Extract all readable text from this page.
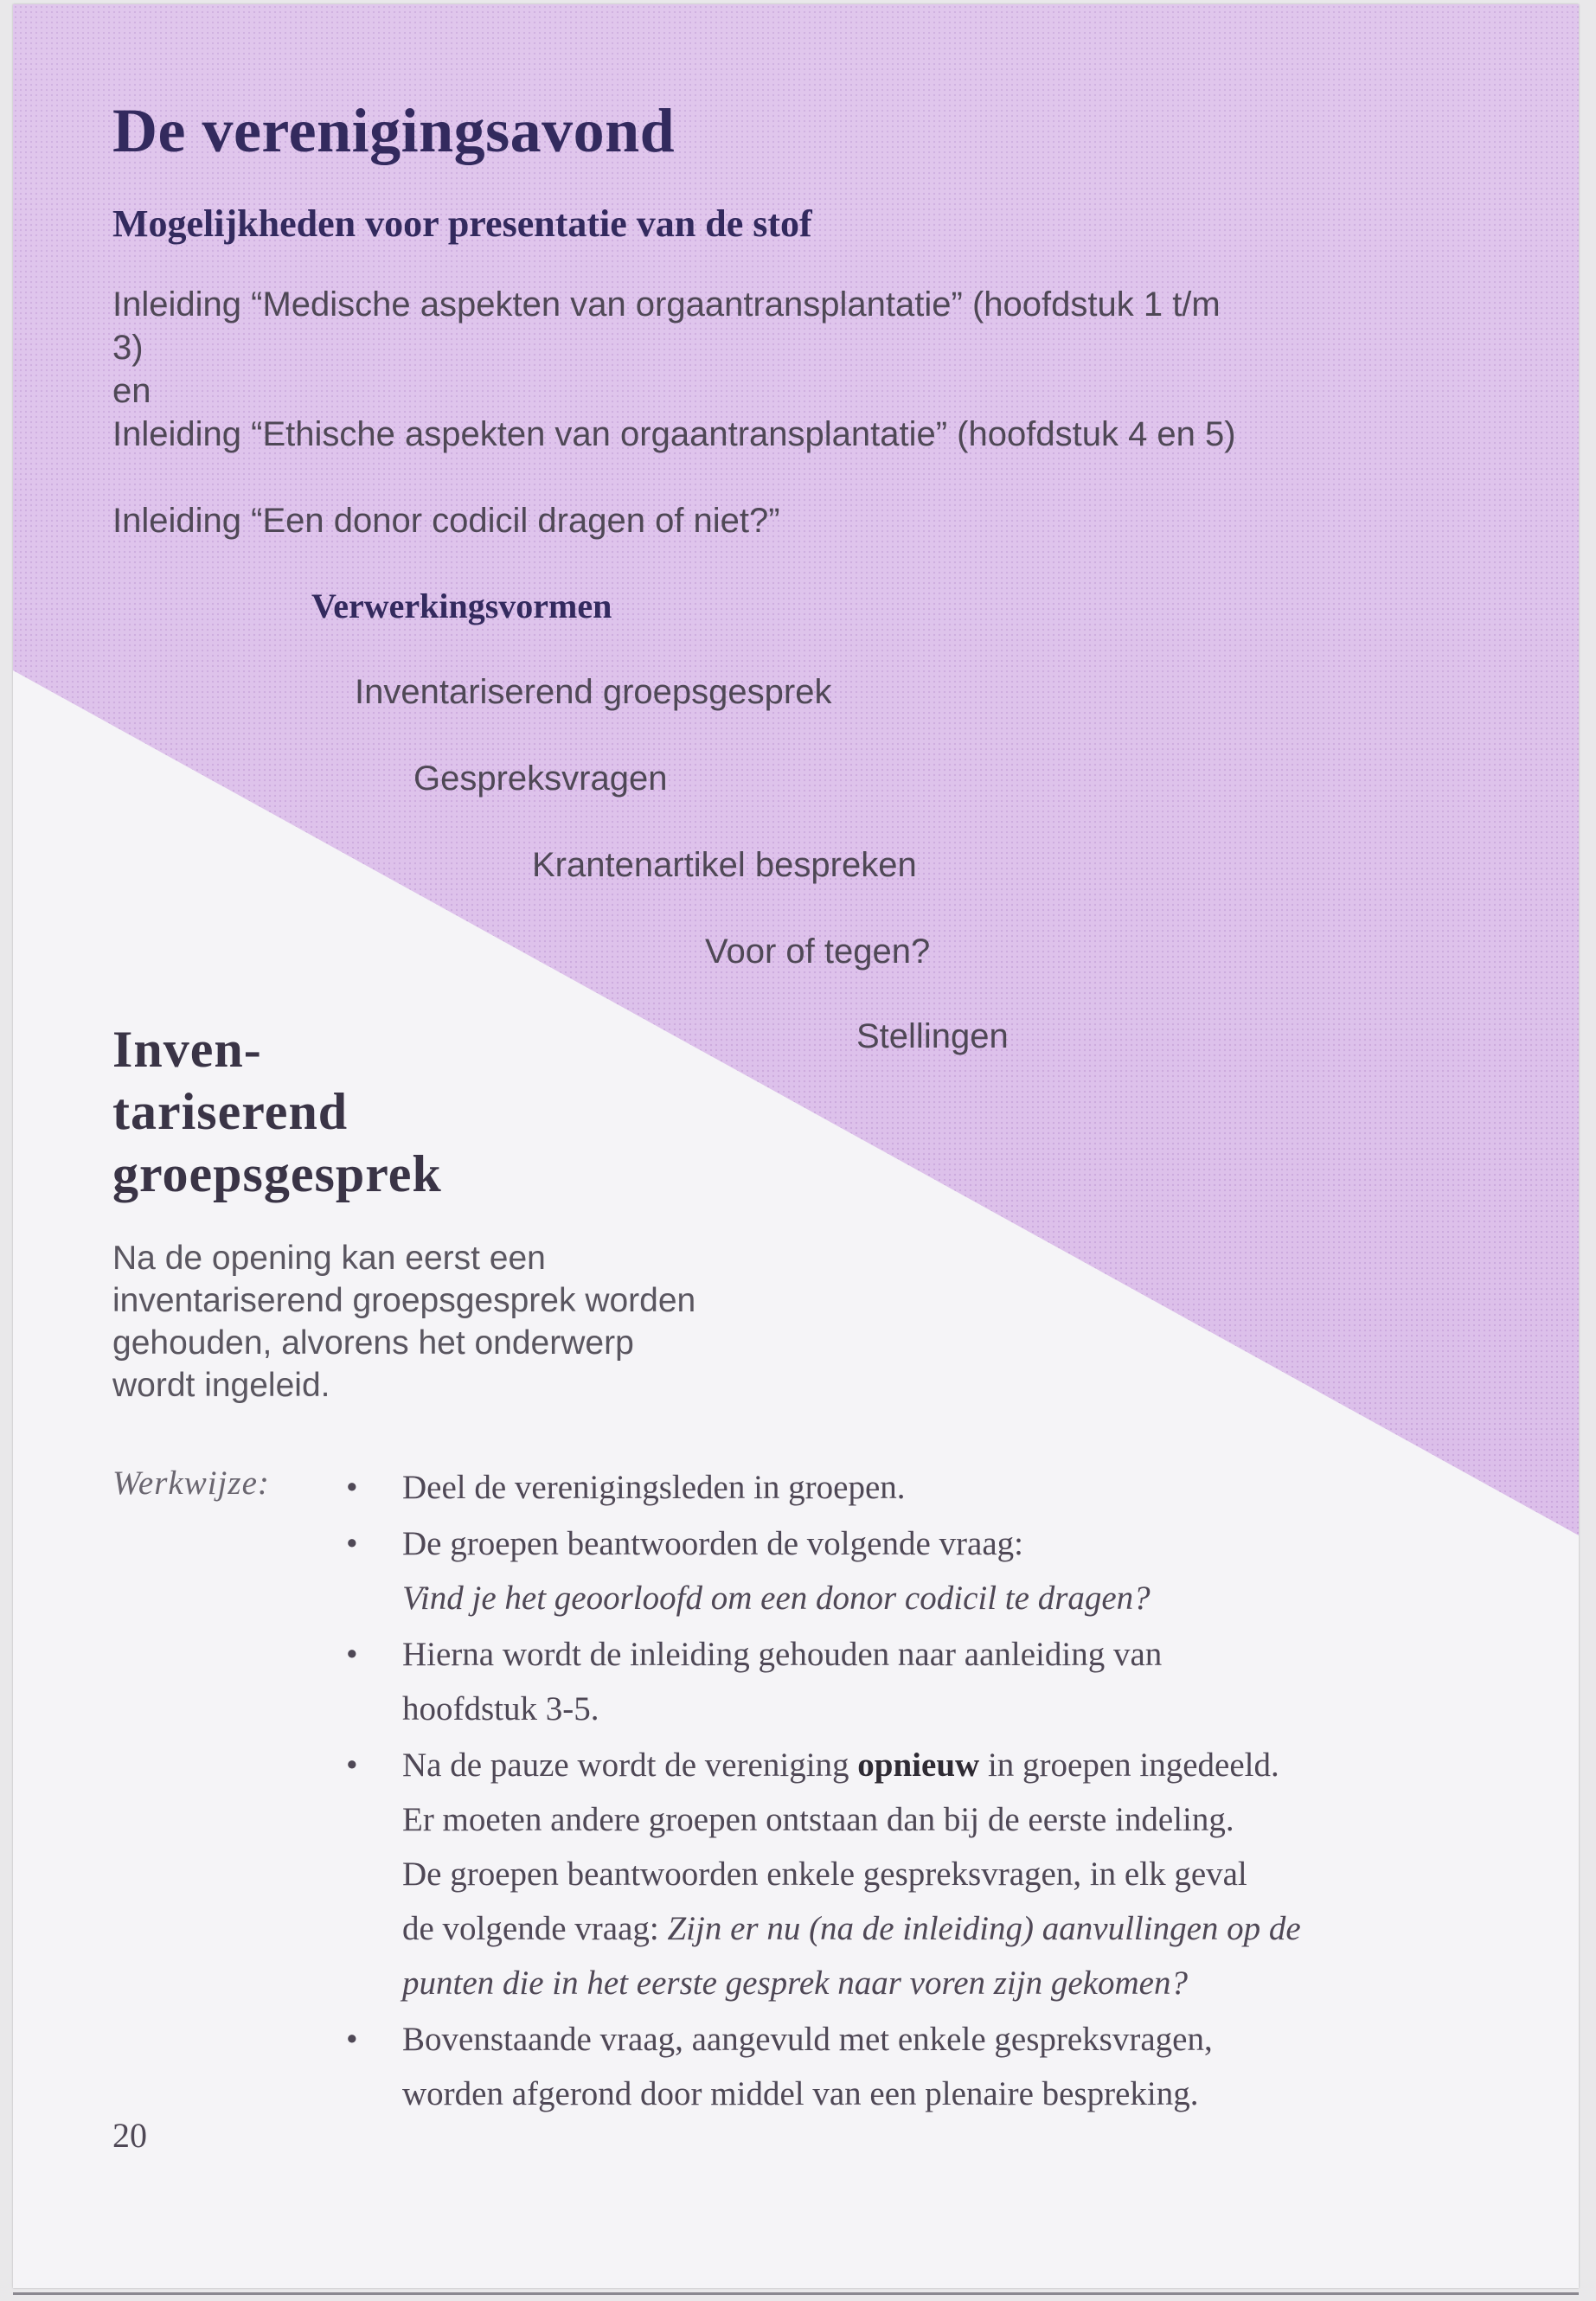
De verenigingsavond
Mogelijkheden voor presentatie van de stof

Inleiding “Medische aspekten van orgaantransplantatie” (hoofdstuk 1 t/m

3)

en

Inleiding “Ethische aspekten van orgaantransplantatie” (hoofdstuk 4 en 5)

Inleiding “Een donor codicil dragen of niet?”

Verwerkingsvormen

Inventariserend groepsgesprek

Gespreksvragen

Krantenartikel bespreken

Voor of tegen?

Stellingen

Inven-
tariserend
groepsgesprek

Na de opening kan eerst een inventariserend groepsgesprek worden gehouden, alvorens het onderwerp wordt ingeleid.

Werkwijze: • Deel de verenigingsleden in groepen.
• De groepen beantwoorden de volgende vraag:
Vind je het geoorloofd om een donor codicil te dragen?
• Hierna wordt de inleiding gehouden naar aanleiding van
hoofdstuk 3-5.
• Na de pauze wordt de vereniging opnieuw in groepen ingedeeld.
Er moeten andere groepen ontstaan dan bij de eerste indeling.
De groepen beantwoorden enkele gespreksvragen, in elk geval
de volgende vraag: Zijn er nu (na de inleiding) aanvullingen op de
punten die in het eerste gesprek naar voren zijn gekomen?
• Bovenstaande vraag, aangevuld met enkele gespreksvragen,
worden afgerond door middel van een plenaire bespreking.

20
